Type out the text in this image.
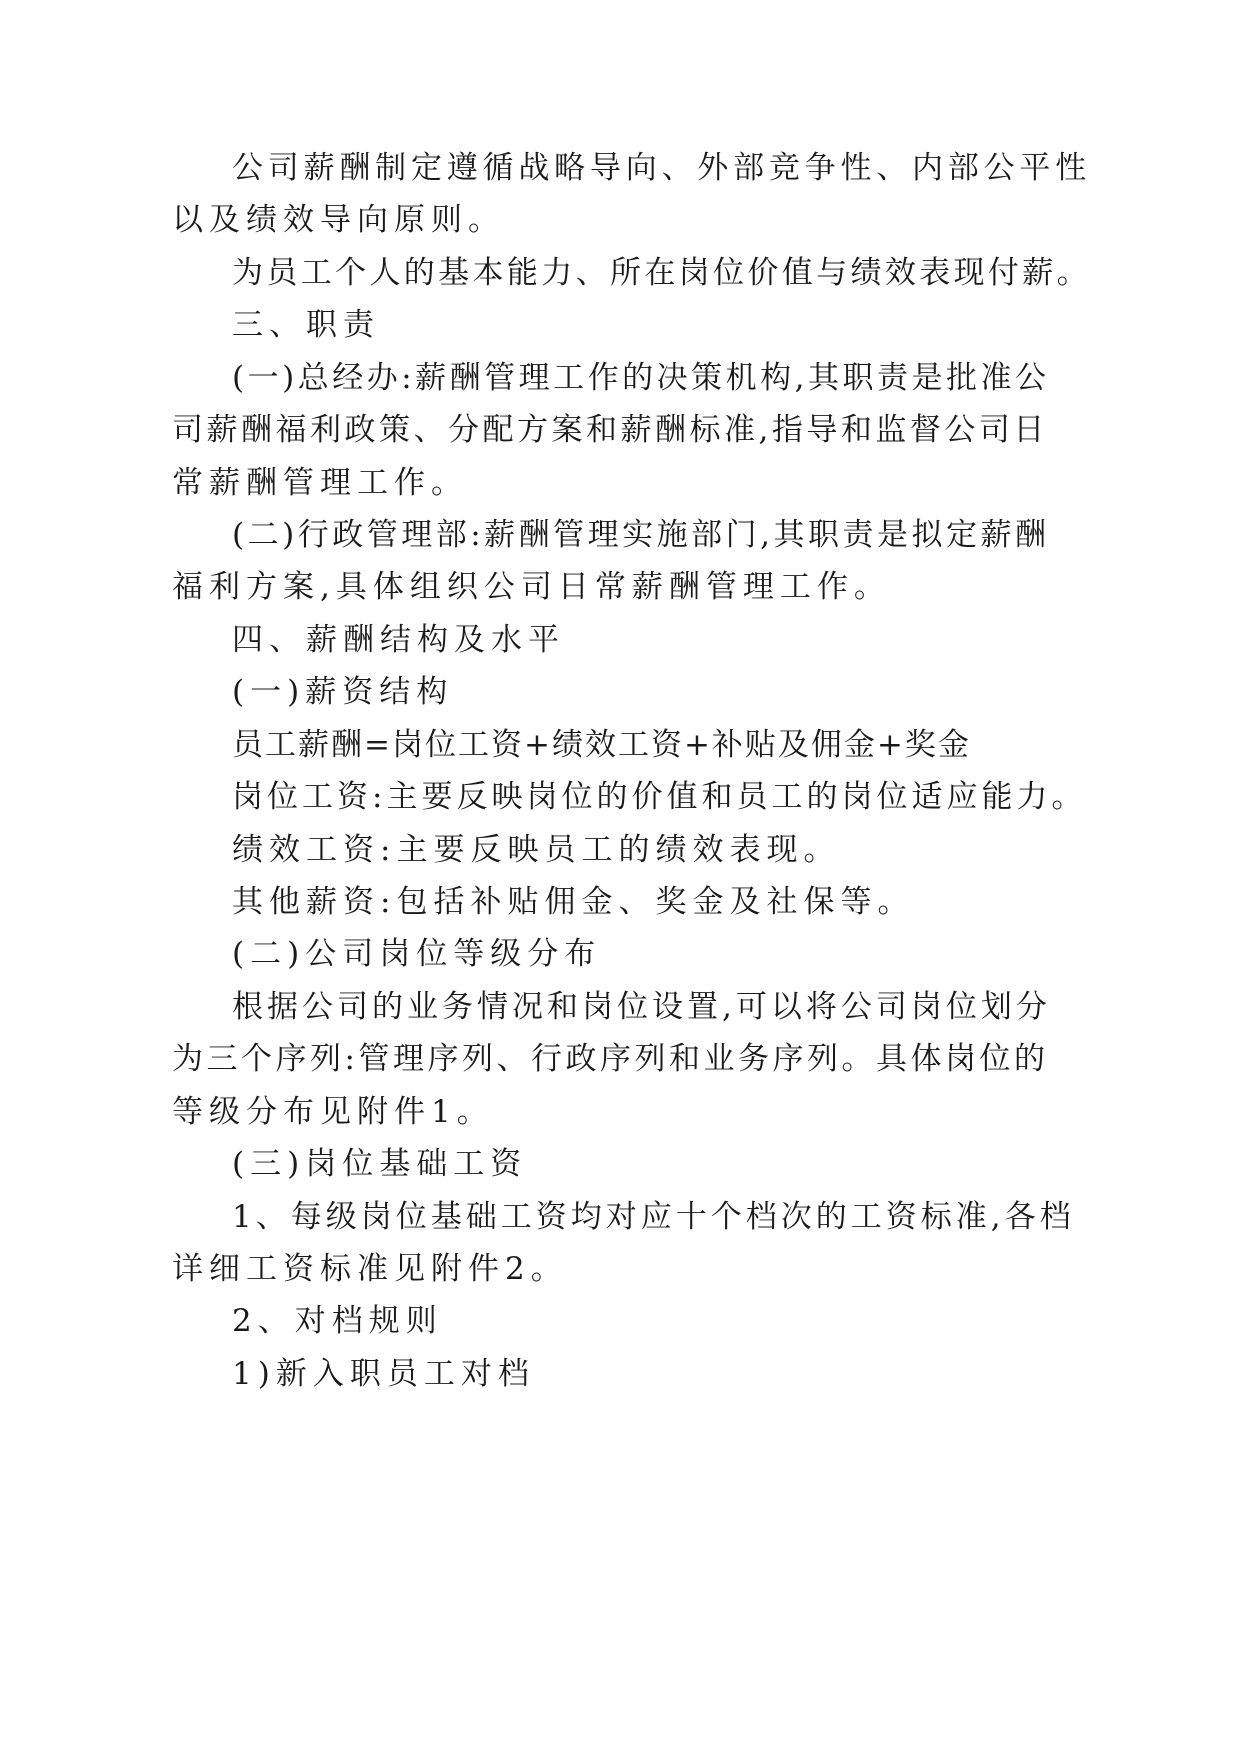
公司薪酬制定遵循战略导向、外部竞争性、内部公平性
以及绩效导向原则。
为员工个人的基本能力、所在岗位价值与绩效表现付薪。
三、职责
(一)总经办:薪酬管理工作的决策机构,其职责是批准公
司薪酬福利政策、分配方案和薪酬标准,指导和监督公司日
常薪酬管理工作。
(二)行政管理部:薪酬管理实施部门,其职责是拟定薪酬
福利方案,具体组织公司日常薪酬管理工作。
四、薪酬结构及水平
(一)薪资结构
员工薪酬=岗位工资+绩效工资+补贴及佣金+奖金
岗位工资:主要反映岗位的价值和员工的岗位适应能力。
绩效工资:主要反映员工的绩效表现。
其他薪资:包括补贴佣金、奖金及社保等。
(二)公司岗位等级分布
根据公司的业务情况和岗位设置,可以将公司岗位划分
为三个序列:管理序列、行政序列和业务序列。具体岗位的
等级分布见附件1。
(三)岗位基础工资
1、每级岗位基础工资均对应十个档次的工资标准,各档
详细工资标准见附件2。
2、对档规则
1)新入职员工对档
